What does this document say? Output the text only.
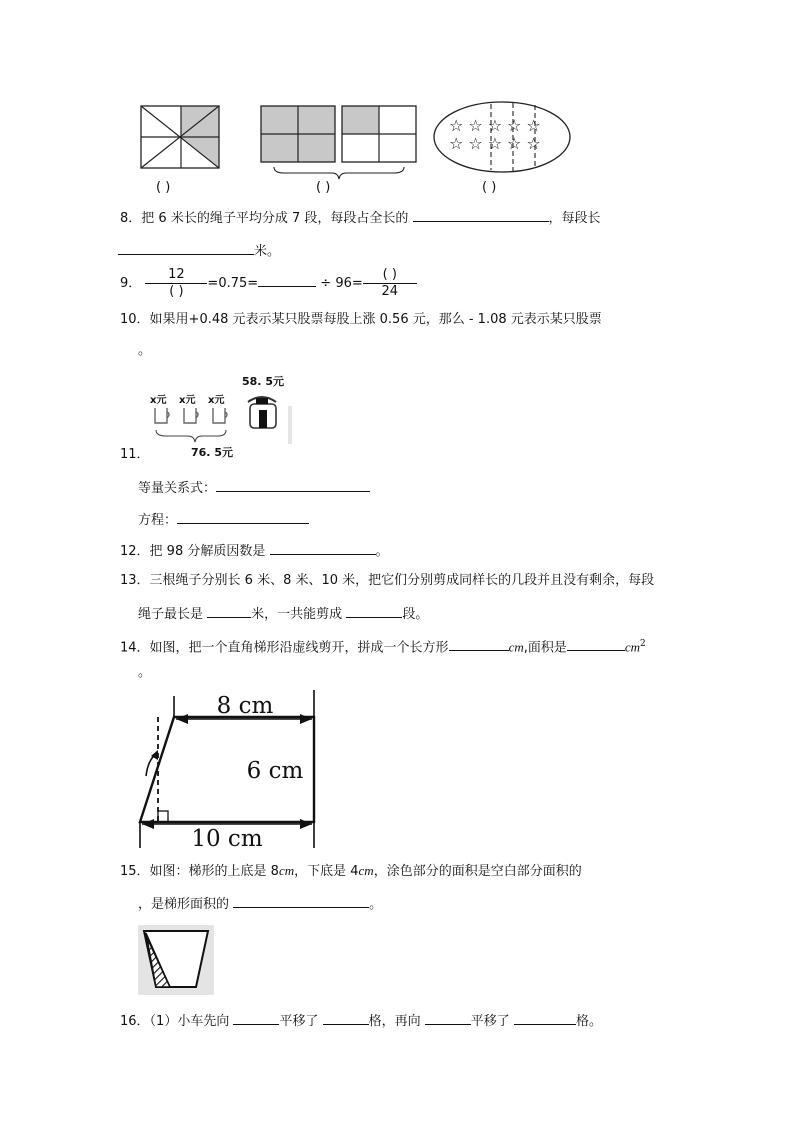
☆☆☆☆☆
☆☆☆☆☆
( )	( )	( )
8．把 6 米长的绳子平均分成 7 段，每段占全长的	，每段长
米。
9． $\frac{12}{( )} =0.75=$	÷ $96= \frac{( )}{24}$
10．如果用+0.48 元表示某只股票每股上涨 0.56 元，那么 - 1.08 元表示某只股票
。
58. 5元
x元 x元 x元
76. 5元
11．
等量关系式：
方程：
12．把 98 分解质因数是	。
13．三根绳子分别长 6 米、8 米、10 米，把它们分别剪成同样长的几段并且没有剩余，每段
绳子最长是	米，一共能剪成	段。
14．如图，把一个直角梯形沿虚线剪开，拼成一个长方形	cm,面积是	$cm^2$
。
8 cm
6 cm
10 cm
15．如图：梯形的上底是 8cm，下底是 4cm，涂色部分的面积是空白部分面积的
，是梯形面积的	。
16．（1）小车先向	平移了	格，再向	平移了	格。
